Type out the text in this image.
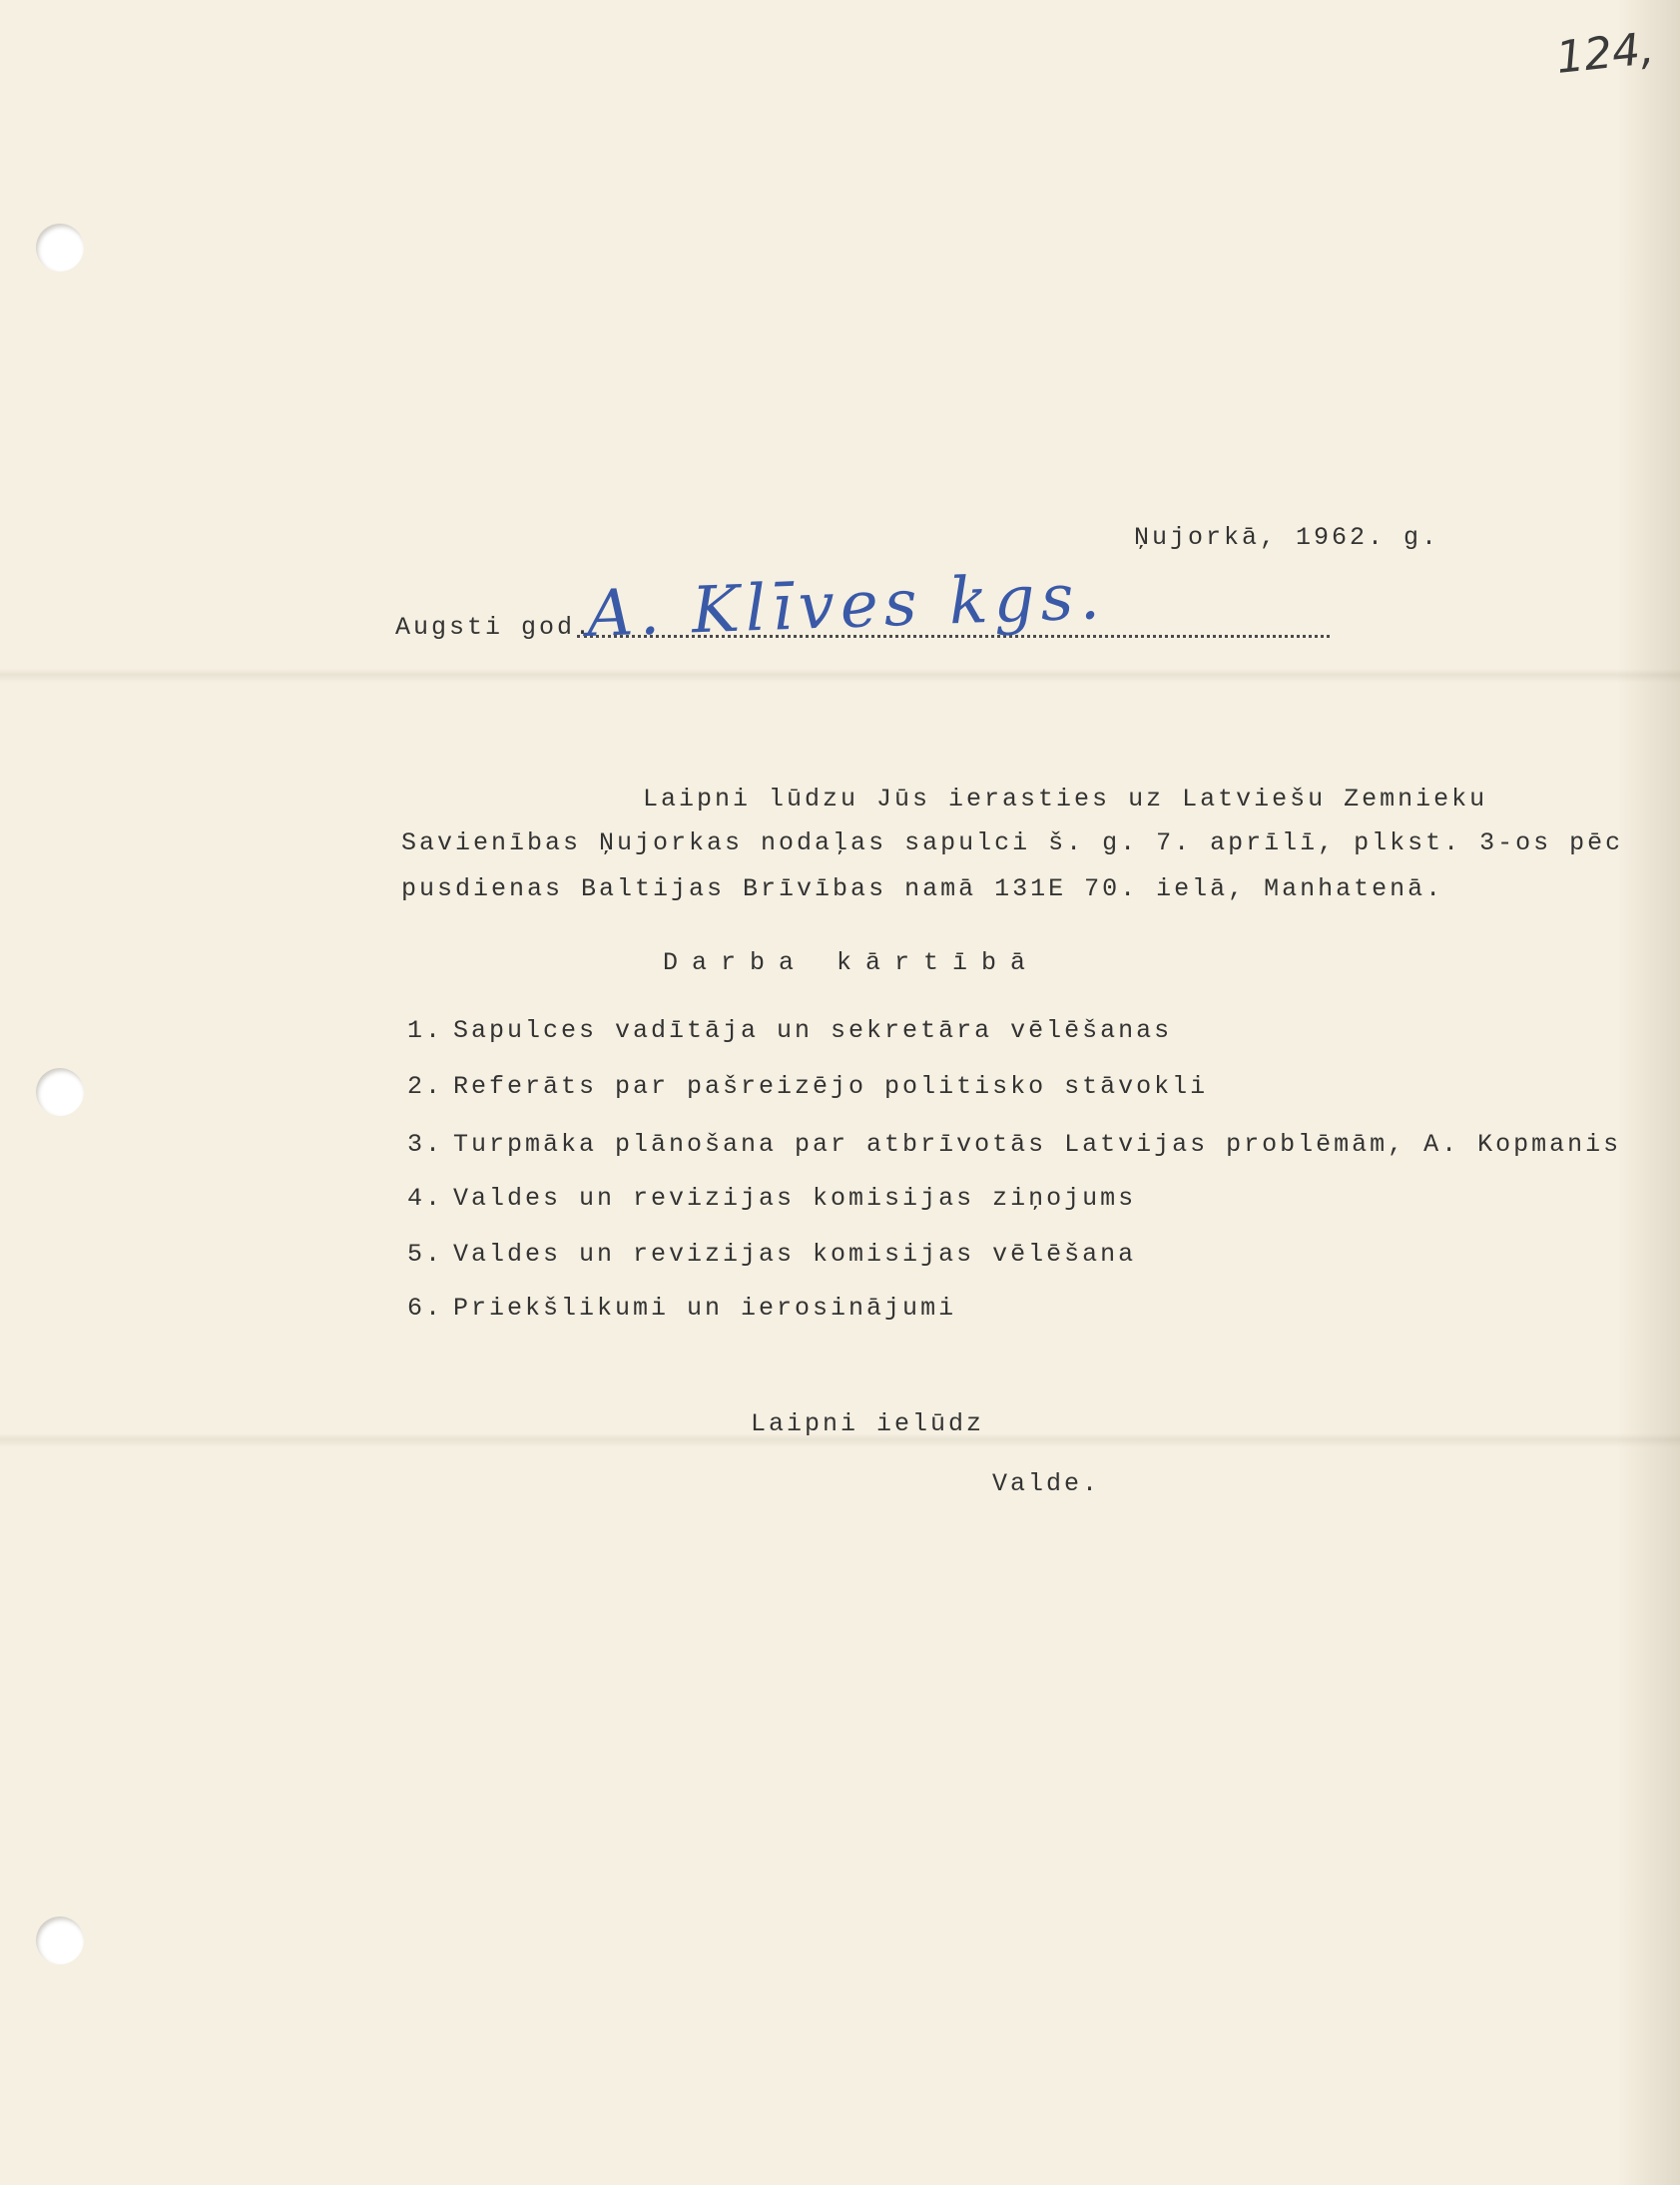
124,
Ņujorkā, 1962. g.
Augsti god.
A. Klīves kgs.
Laipni lūdzu Jūs ierasties uz Latviešu Zemnieku
Savienības Ņujorkas nodaļas sapulci š. g. 7. aprīlī, plkst. 3-os pēc
pusdienas Baltijas Brīvības namā 131E 70. ielā, Manhatenā.
Darba kārtībā
1. Sapulces vadītāja un sekretāra vēlēšanas
2. Referāts par pašreizējo politisko stāvokli
3. Turpmāka plānošana par atbrīvotās Latvijas problēmām, A. Kopmanis
4. Valdes un revizijas komisijas ziņojums
5. Valdes un revizijas komisijas vēlēšana
6. Priekšlikumi un ierosinājumi
Laipni ielūdz
Valde.
